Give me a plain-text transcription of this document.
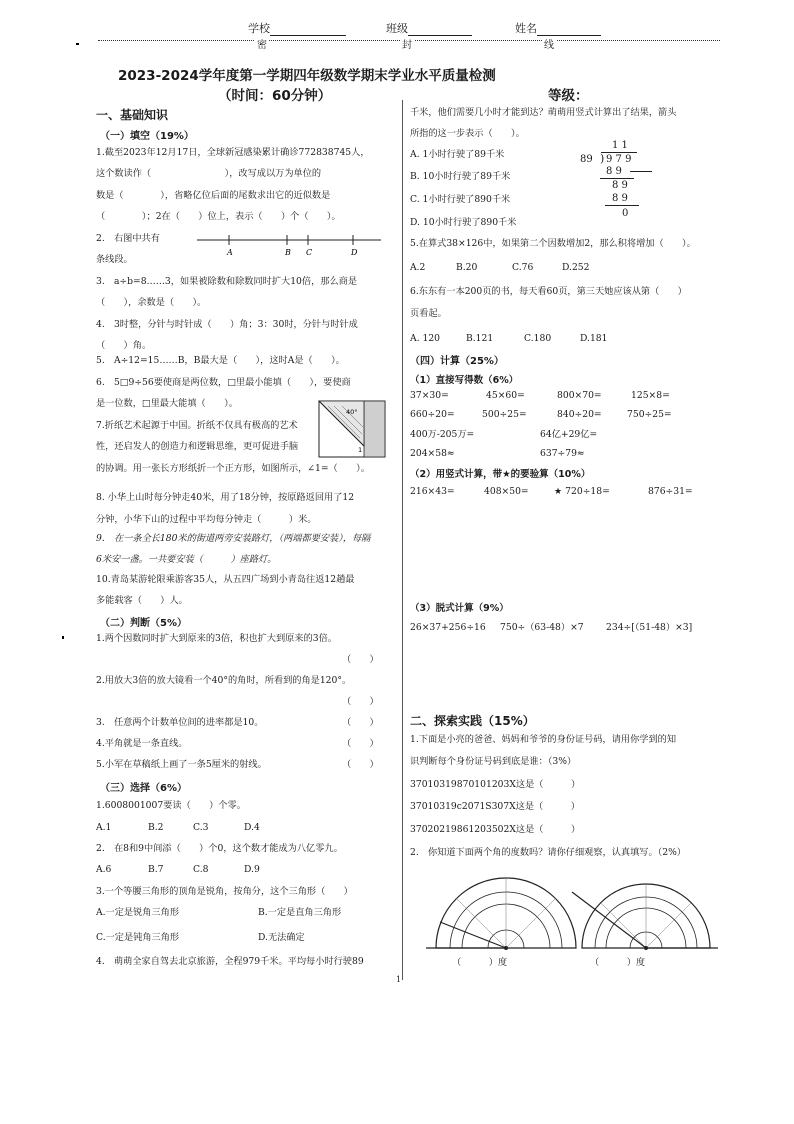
学校	班级	姓名
密	封	线
2023-2024学年度第一学期四年级数学期末学业水平质量检测
（时间：60分钟）	等级：
一、基础知识
（一）填空（19%）
1.截至2023年12月17日，全球新冠感染累计确诊772838745人，
这个数读作（　　　　　　　　），改写成以万为单位的
数是（　　　　），省略亿位后面的尾数求出它的近似数是
（　　　　）；2在（　　）位上，表示（　　）个（　　）。
2.　右图中共有
条线段。
A	B C	D
3.　a÷b=8……3，如果被除数和除数同时扩大10倍，那么商是
（　　），余数是（　　）。
4.　3时整，分针与时针成（　　）角；3：30时，分针与时针成
（　　）角。
5.　A÷12=15……B，B最大是（　　），这时A是（　　）。
6.　5□9÷56要使商是两位数，□里最小能填（　　），要使商
是一位数，□里最大能填（　　）。
7.折纸艺术起源于中国。折纸不仅具有极高的艺术
性，还启发人的创造力和逻辑思维，更可促进手脑
的协调。用一张长方形纸折一个正方形，如图所示，∠1=（　　）。
40°
1
8. 小华上山时每分钟走40米，用了18分钟，按原路返回用了12
分钟，小华下山的过程中平均每分钟走（　　　）米。
9.　在一条全长180米的街道两旁安装路灯，（两端都要安装），每隔
6米安一盏。一共要安装（　　　）座路灯。
10.青岛某游轮限乘游客35人，从五四广场到小青岛往返12趟最
多能载客（　　）人。
（二）判断（5%）
1.两个因数同时扩大到原来的3倍，积也扩大到原来的3倍。
（　　）
2.用放大3倍的放大镜看一个40°的角时，所看到的角是120°。
（　　）
3.　任意两个计数单位间的进率都是10。	（　　）
4.平角就是一条直线。	（　　）
5.小军在草稿纸上画了一条5厘米的射线。	（　　）
（三）选择（6%）
1.6008001007要读（　　）个零。
A.1	B.2	C.3	D.4
2.　在8和9中间添（　　）个0，这个数才能成为八亿零九。
A.6	B.7	C.8	D.9
3.一个等腰三角形的顶角是锐角，按角分，这个三角形（　　）
A.一定是锐角三角形	B.一定是直角三角形
C.一定是钝角三角形	D.无法确定
4.　萌萌全家自驾去北京旅游，全程979千米。平均每小时行驶89
千米，他们需要几小时才能到达？萌萌用竖式计算出了结果，箭头
所指的这一步表示（　　）。
A. 1小时行驶了89千米
B. 10小时行驶了89千米
C. 1小时行驶了890千米
D. 10小时行驶了890千米
1 1
89 ) 9 7 9
8 9
8 9
8 9
0
5.在算式38×126中，如果第二个因数增加2，那么积将增加（　　）。
A.2	B.20	C.76	D.252
6.东东有一本200页的书，每天看60页，第三天她应该从第（　　）
页看起。
A. 120	B.121	C.180	D.181
（四）计算（25%）
（1）直接写得数（6%）
37×30=	45×60=	800×70=	125×8=
660÷20=	500÷25=	840÷20=	750÷25=
400万-205万=	64亿+29亿=
204×58≈	637÷79≈
（2）用竖式计算，带★的要验算（10%）
216×43=	408×50=	★ 720÷18=	876÷31=
（3）脱式计算（9%）
26×37+256÷16 750÷（63-48）×7 234÷[（51-48）×3]
二、探索实践（15%）
1.下面是小亮的爸爸、妈妈和爷爷的身份证号码，请用你学到的知
识判断每个身份证号码到底是谁：（3%）
37010319870101203X这是（　　　）
37010319c2071S307X这是（　　　）
37020219861203502X这是（　　　）
2.　你知道下面两个角的度数吗？请你仔细观察，认真填写。（2%）
（　　　）度	（　　　）度
1
